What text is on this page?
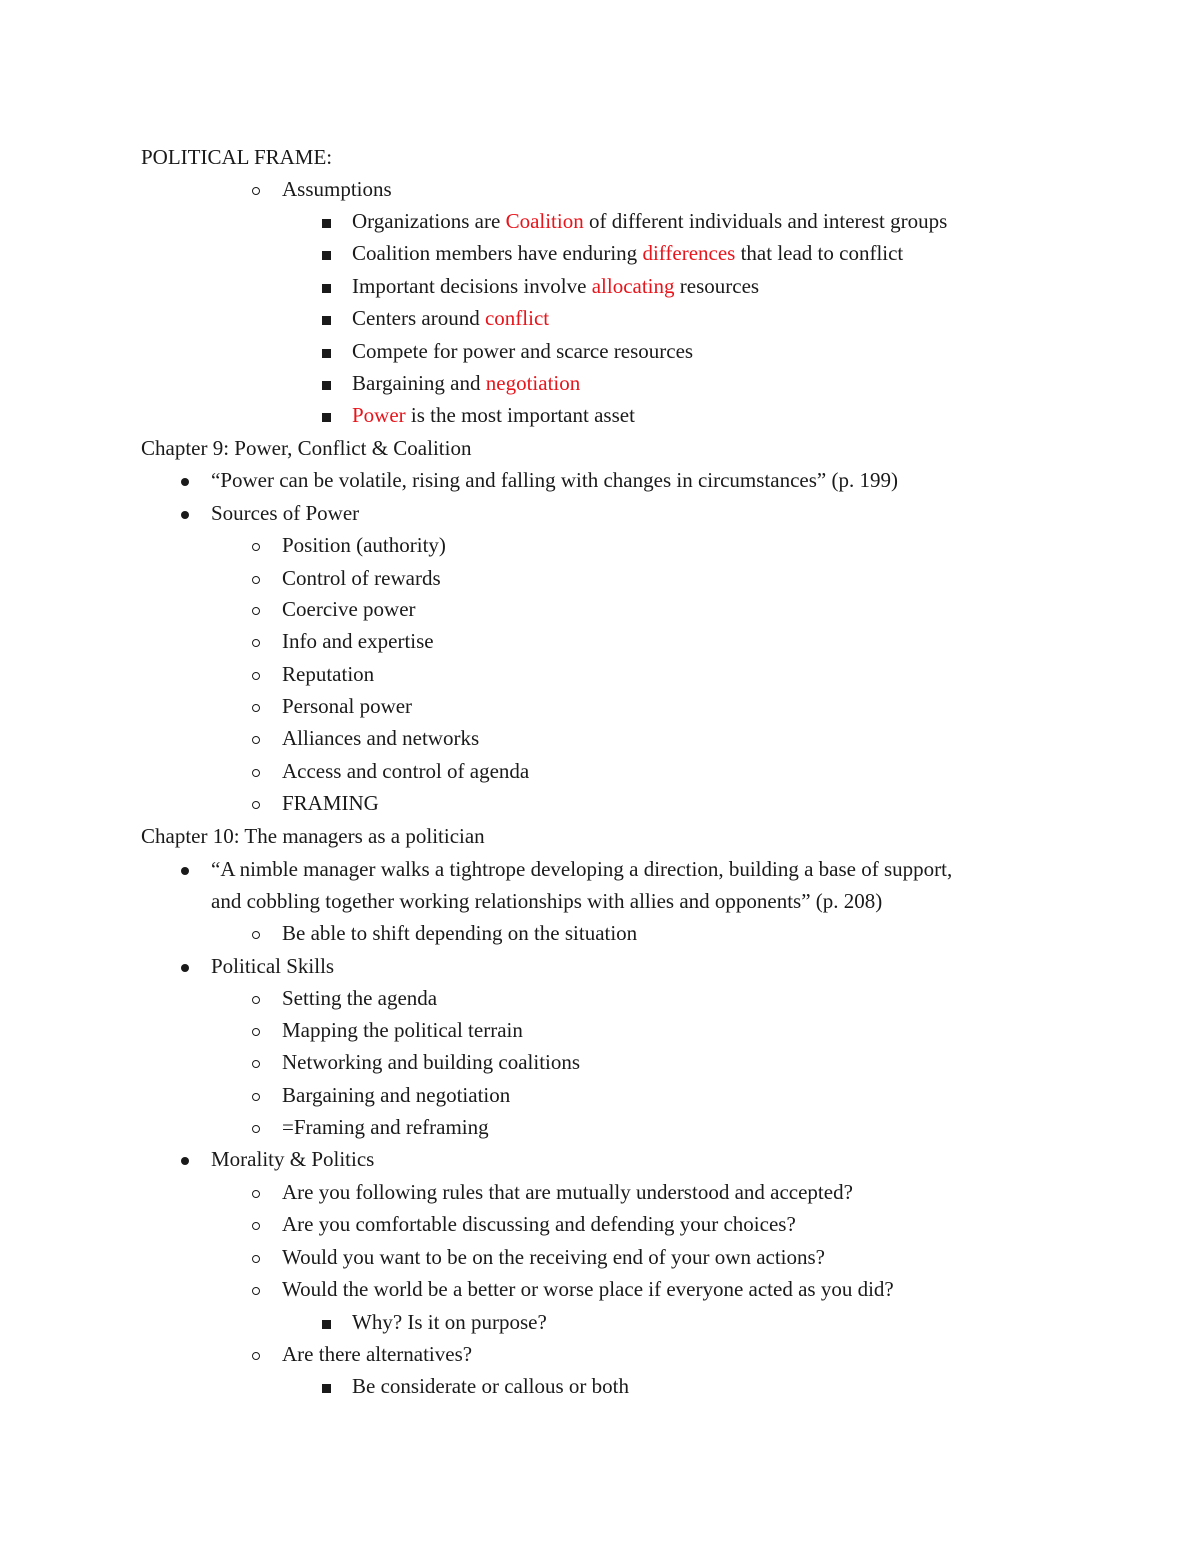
POLITICAL FRAME:
Assumptions
Organizations are Coalition of different individuals and interest groups
Coalition members have enduring differences that lead to conflict
Important decisions involve allocating resources
Centers around conflict
Compete for power and scarce resources
Bargaining and negotiation
Power is the most important asset
Chapter 9: Power, Conflict & Coalition
“Power can be volatile, rising and falling with changes in circumstances” (p. 199)
Sources of Power
Position (authority)
Control of rewards
Coercive power
Info and expertise
Reputation
Personal power
Alliances and networks
Access and control of agenda
FRAMING
Chapter 10: The managers as a politician
“A nimble manager walks a tightrope developing a direction, building a base of support,
and cobbling together working relationships with allies and opponents” (p. 208)
Be able to shift depending on the situation
Political Skills
Setting the agenda
Mapping the political terrain
Networking and building coalitions
Bargaining and negotiation
=Framing and reframing
Morality & Politics
Are you following rules that are mutually understood and accepted?
Are you comfortable discussing and defending your choices?
Would you want to be on the receiving end of your own actions?
Would the world be a better or worse place if everyone acted as you did?
Why? Is it on purpose?
Are there alternatives?
Be considerate or callous or both
